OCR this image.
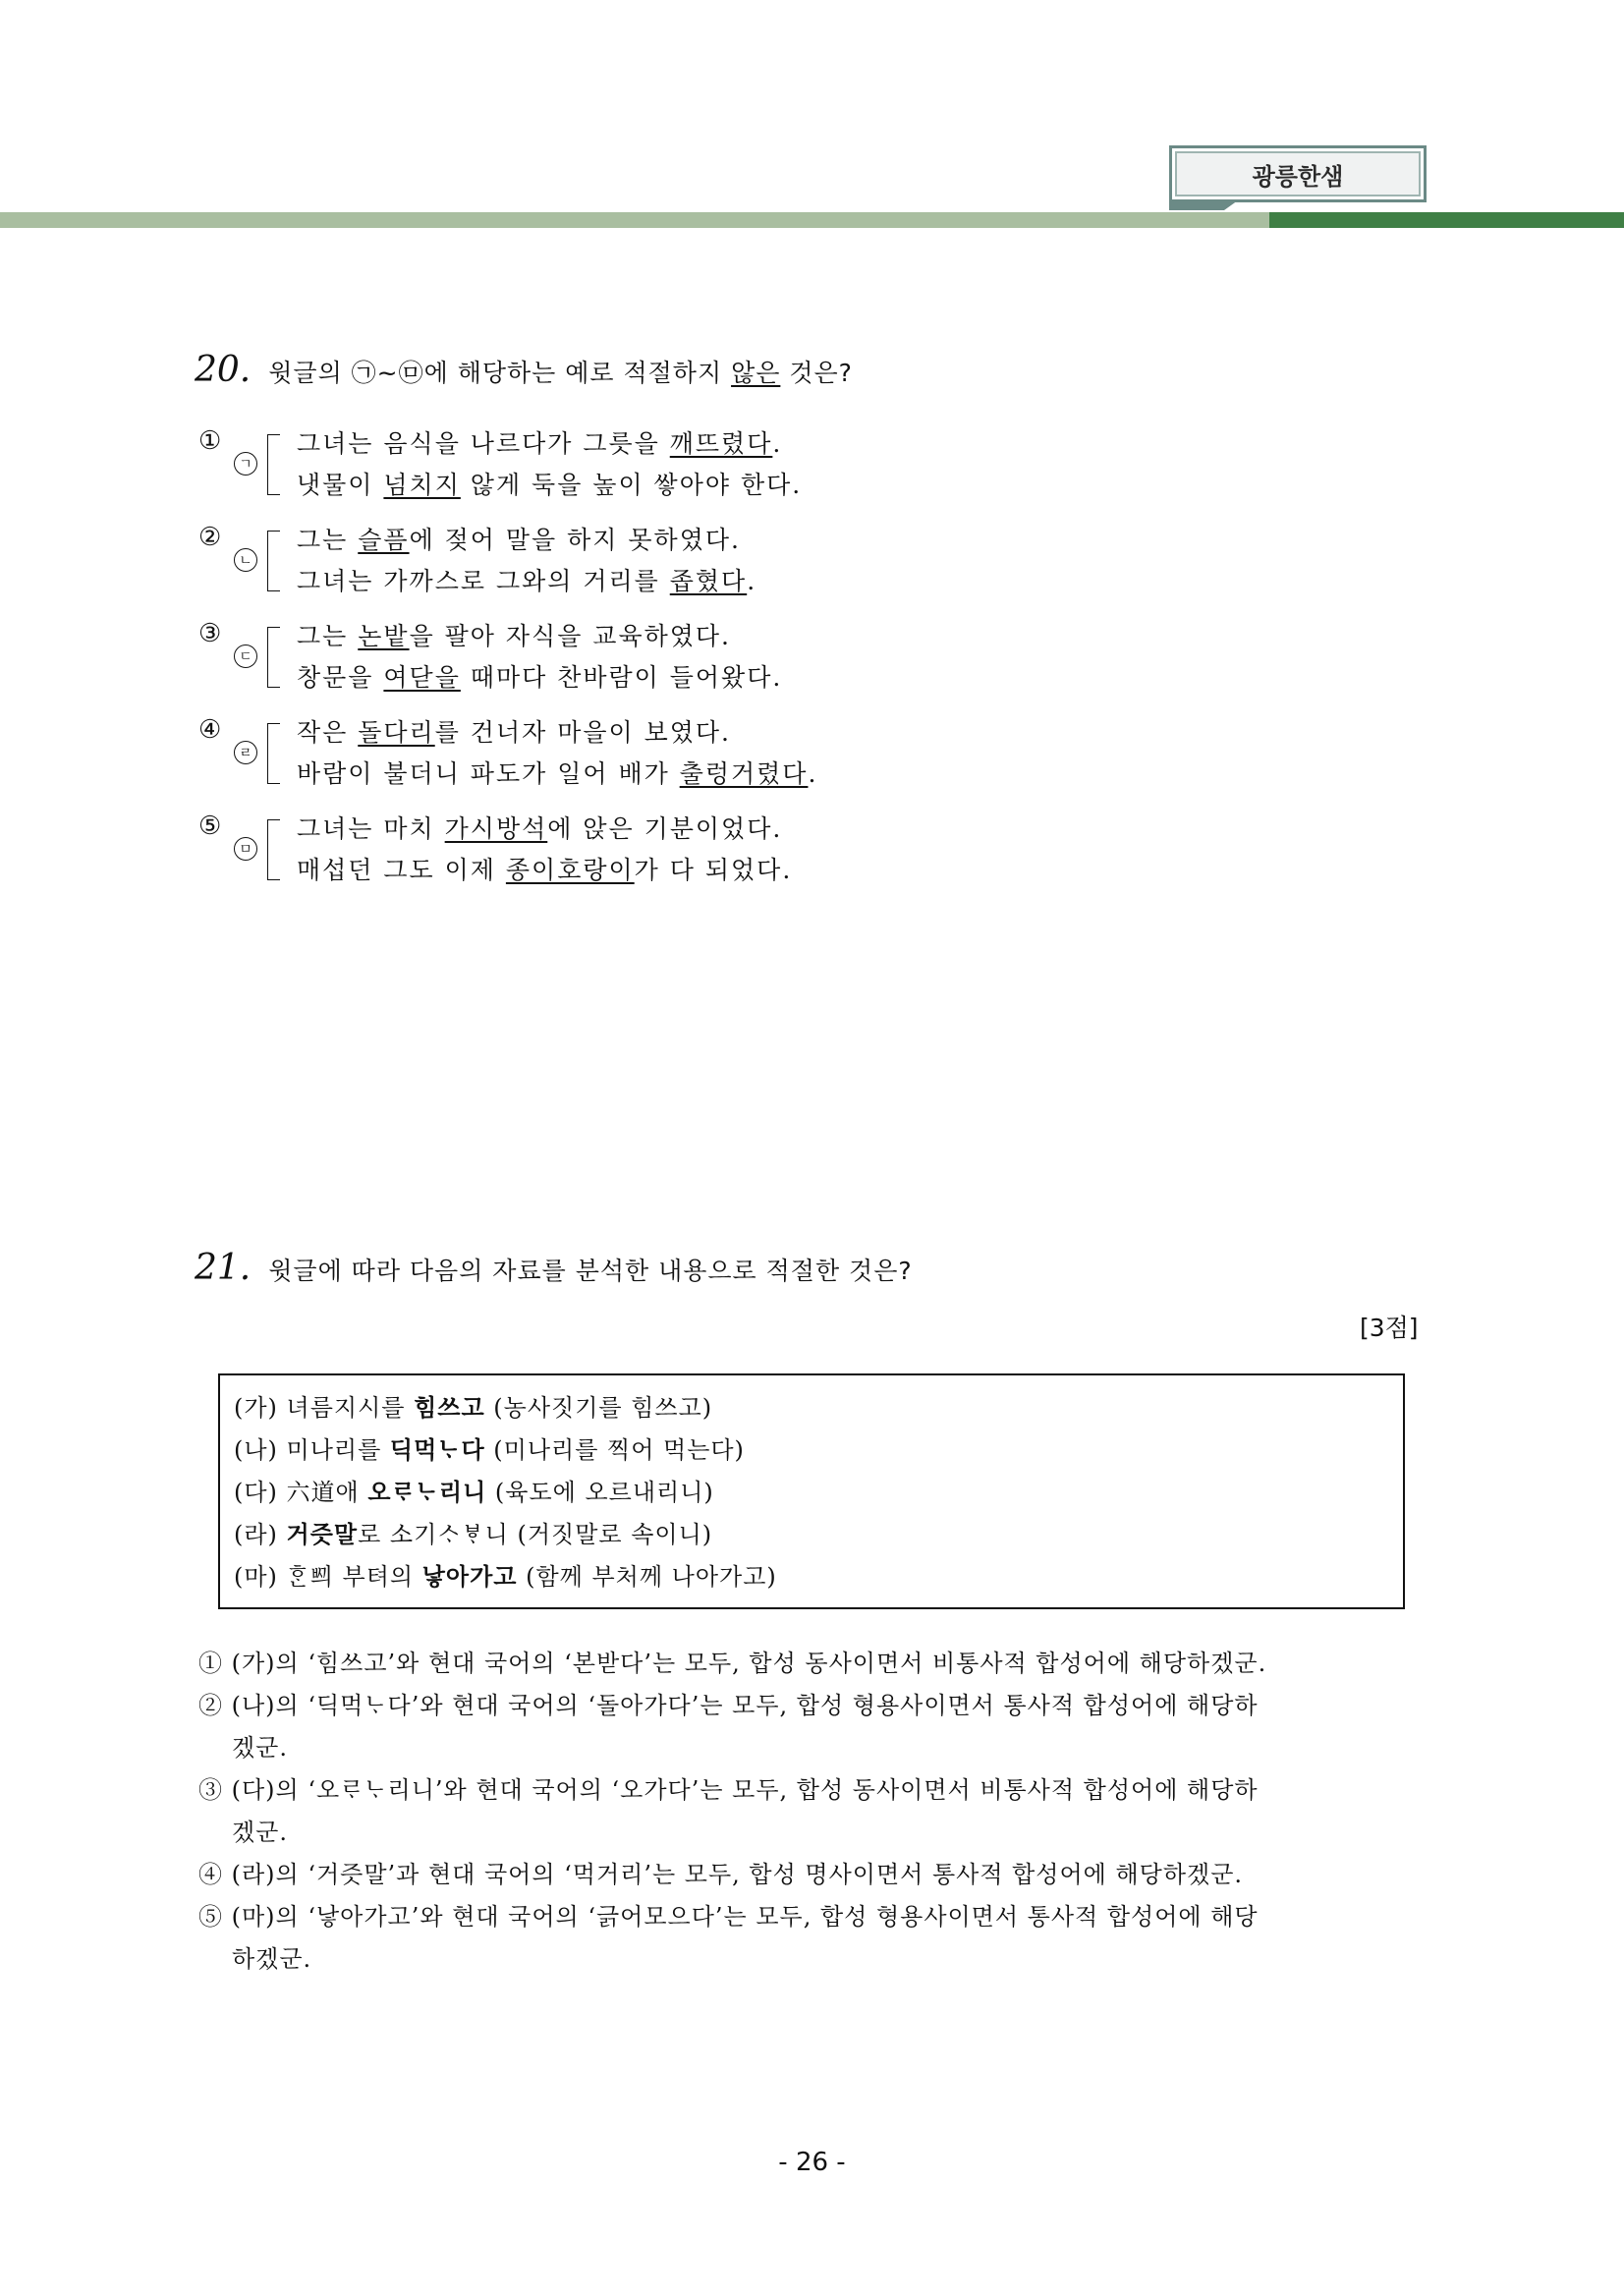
광릉한샘
20. 윗글의 ㉠~㉤에 해당하는 예로 적절하지 않은 것은?
①
ㄱ
그녀는 음식을 나르다가 그릇을 깨뜨렸다.
냇물이 넘치지 않게 둑을 높이 쌓아야 한다.
②
ㄴ
그는 슬픔에 젖어 말을 하지 못하였다.
그녀는 가까스로 그와의 거리를 좁혔다.
③
ㄷ
그는 논밭을 팔아 자식을 교육하였다.
창문을 여닫을 때마다 찬바람이 들어왔다.
④
ㄹ
작은 돌다리를 건너자 마을이 보였다.
바람이 불더니 파도가 일어 배가 출렁거렸다.
⑤
ㅁ
그녀는 마치 가시방석에 앉은 기분이었다.
매섭던 그도 이제 종이호랑이가 다 되었다.
21. 윗글에 따라 다음의 자료를 분석한 내용으로 적절한 것은?
[3점]
(가) 녀름지시를 힘쓰고 (농사짓기를 힘쓰고)
(나) 미나리를 딕먹ᄂᆞ다 (미나리를 찍어 먹는다)
(다) 六道애 오ᄅᆞᄂᆞ리니 (육도에 오르내리니)
(라) 거즛말로 소기ᄉᆞᄫᆞ니 (거짓말로 속이니)
(마) ᄒᆞᆫᄢᅴ 부텨의 낳아가고 (함께 부처께 나아가고)
① (가)의 ‘힘쓰고’와 현대 국어의 ‘본받다’는 모두, 합성 동사이면서 비통사적 합성어에 해당하겠군.
② (나)의 ‘딕먹ᄂᆞ다’와 현대 국어의 ‘돌아가다’는 모두, 합성 형용사이면서 통사적 합성어에 해당하
겠군.
③ (다)의 ‘오ᄅᆞᄂᆞ리니’와 현대 국어의 ‘오가다’는 모두, 합성 동사이면서 비통사적 합성어에 해당하
겠군.
④ (라)의 ‘거즛말’과 현대 국어의 ‘먹거리’는 모두, 합성 명사이면서 통사적 합성어에 해당하겠군.
⑤ (마)의 ‘낳아가고’와 현대 국어의 ‘긁어모으다’는 모두, 합성 형용사이면서 통사적 합성어에 해당
하겠군.
- 26 -
